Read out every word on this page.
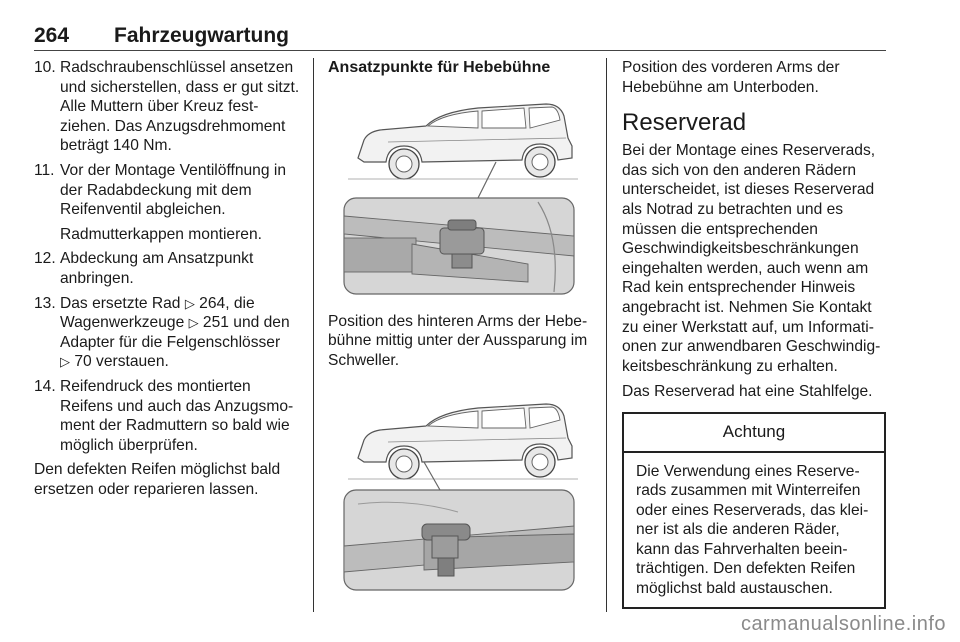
264 Fahrzeugwartung
10. Radschraubenschlüssel ansetzen und sicherstellen, dass er gut sitzt. Alle Muttern über Kreuz festziehen. Das Anzugsdrehmoment beträgt 140 Nm.
11. Vor der Montage Ventilöffnung in der Radabdeckung mit dem Reifenventil abgleichen.
Radmutterkappen montieren.
12. Abdeckung am Ansatzpunkt anbringen.
13. Das ersetzte Rad ▷ 264, die Wagenwerkzeuge ▷ 251 und den Adapter für die Felgenschlösser ▷ 70 verstauen.
14. Reifendruck des montierten Reifens und auch das Anzugsmoment der Radmuttern so bald wie möglich überprüfen.

Den defekten Reifen möglichst bald ersetzen oder reparieren lassen.

Ansatzpunkte für Hebebühne

Position des hinteren Arms der Hebebühne mittig unter der Aussparung im Schweller.

Position des vorderen Arms der Hebebühne am Unterboden.

Reserverad

Bei der Montage eines Reserverads, das sich von den anderen Rädern unterscheidet, ist dieses Reserverad als Notrad zu betrachten und es müssen die entsprechenden Geschwindigkeitsbeschränkungen eingehalten werden, auch wenn am Rad kein entsprechender Hinweis angebracht ist. Nehmen Sie Kontakt zu einer Werkstatt auf, um Informationen zur anwendbaren Geschwindigkeitsbeschränkung zu erhalten.

Das Reserverad hat eine Stahlfelge.

Achtung
Die Verwendung eines Reserverads zusammen mit Winterreifen oder eines Reserverads, das kleiner ist als die anderen Räder, kann das Fahrverhalten beeinträchtigen. Den defekten Reifen möglichst bald austauschen.
carmanualsonline.info
